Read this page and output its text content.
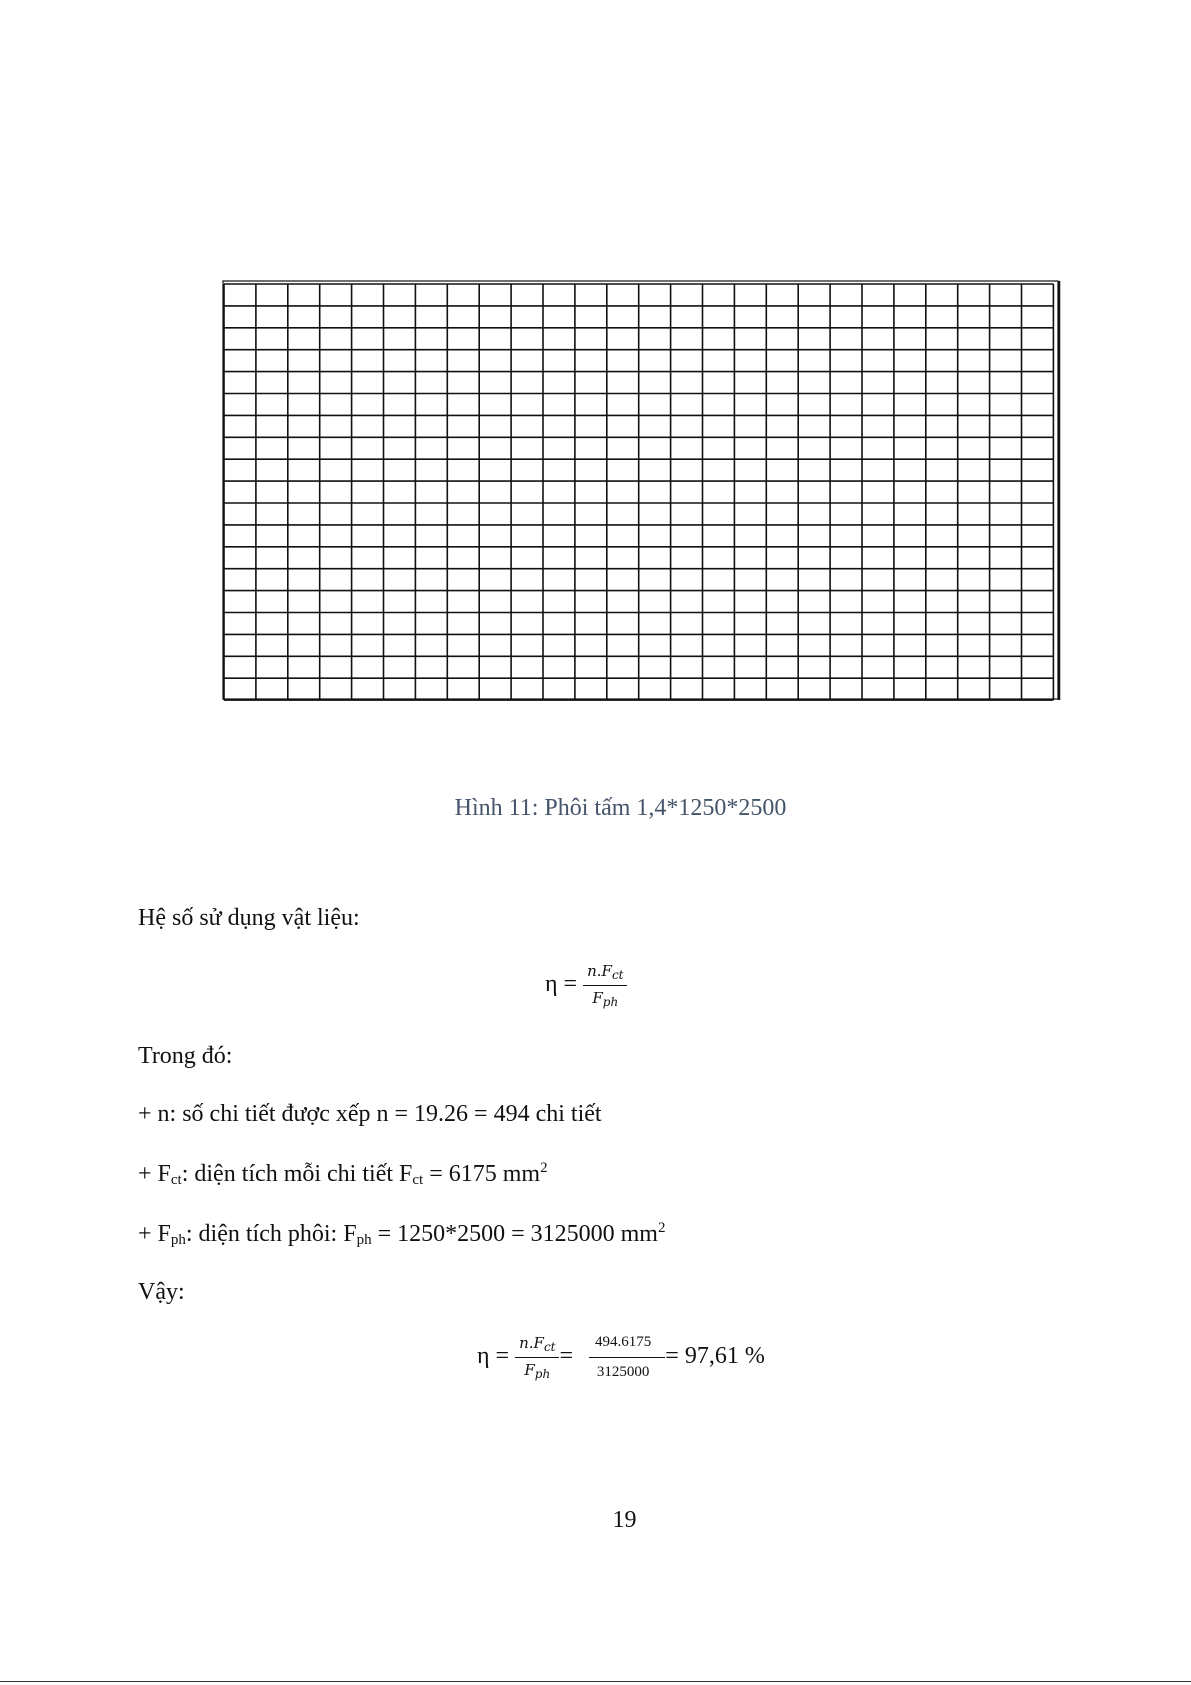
Hình 11: Phôi tấm 1,4*1250*2500
Hệ số sử dụng vật liệu:
$\eta = \frac{n.F_{ct}}{F_{ph}}$
Trong đó:
+ n: số chi tiết được xếp n = 19.26 = 494 chi tiết
+ $F_{ct}$: diện tích mỗi chi tiết $F_{ct} = 6175$ $mm^2$
+ $F_{ph}$: diện tích phôi: $F_{ph} = 1250*2500 = 3125000$ $mm^2$
Vậy:
$\eta = \frac{n.F_{ct}}{F_{ph}} = \frac{494.6175}{3125000} = 97,61$ %
19
